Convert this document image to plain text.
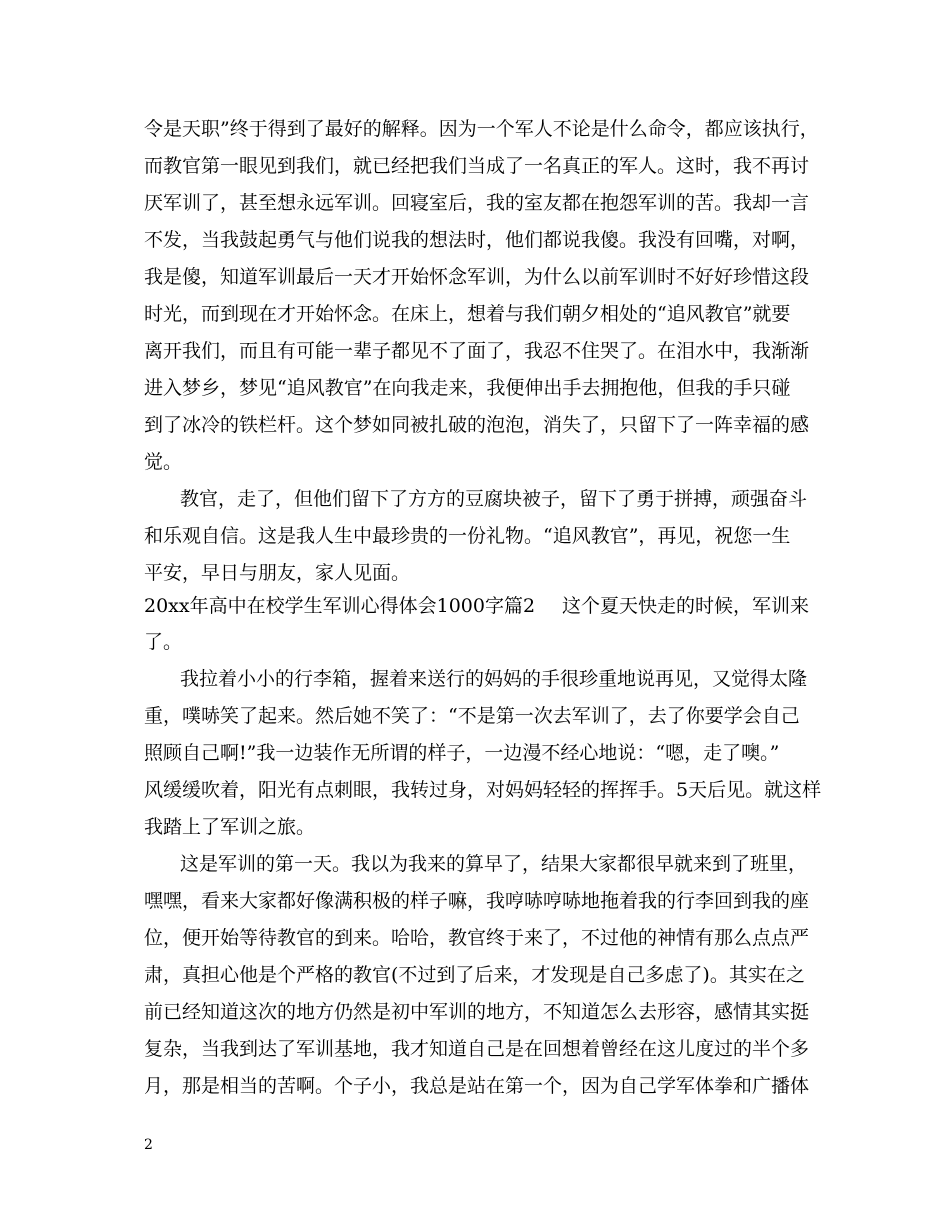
令是天职”终于得到了最好的解释。因为一个军人不论是什么命令，都应该执行，
而教官第一眼见到我们，就已经把我们当成了一名真正的军人。这时，我不再讨
厌军训了，甚至想永远军训。回寝室后，我的室友都在抱怨军训的苦。我却一言
不发，当我鼓起勇气与他们说我的想法时，他们都说我傻。我没有回嘴，对啊，
我是傻，知道军训最后一天才开始怀念军训，为什么以前军训时不好好珍惜这段
时光，而到现在才开始怀念。在床上，想着与我们朝夕相处的“追风教官”就要
离开我们，而且有可能一辈子都见不了面了，我忍不住哭了。在泪水中，我渐渐
进入梦乡，梦见“追风教官”在向我走来，我便伸出手去拥抱他，但我的手只碰
到了冰冷的铁栏杆。这个梦如同被扎破的泡泡，消失了，只留下了一阵幸福的感
觉。
教官，走了，但他们留下了方方的豆腐块被子，留下了勇于拼搏，顽强奋斗
和乐观自信。这是我人生中最珍贵的一份礼物。“追风教官”，再见，祝您一生
平安，早日与朋友，家人见面。
20xx年高中在校学生军训心得体会1000字篇2 这个夏天快走的时候，军训来
了。
我拉着小小的行李箱，握着来送行的妈妈的手很珍重地说再见，又觉得太隆
重，噗哧笑了起来。然后她不笑了：“不是第一次去军训了，去了你要学会自己
照顾自己啊!”我一边装作无所谓的样子，一边漫不经心地说：“嗯，走了噢。”
风缓缓吹着，阳光有点刺眼，我转过身，对妈妈轻轻的挥挥手。5天后见。就这样
我踏上了军训之旅。
这是军训的第一天。我以为我来的算早了，结果大家都很早就来到了班里，
嘿嘿，看来大家都好像满积极的样子嘛，我哼哧哼哧地拖着我的行李回到我的座
位，便开始等待教官的到来。哈哈，教官终于来了，不过他的神情有那么点点严
肃，真担心他是个严格的教官(不过到了后来，才发现是自己多虑了)。其实在之
前已经知道这次的地方仍然是初中军训的地方，不知道怎么去形容，感情其实挺
复杂，当我到达了军训基地，我才知道自己是在回想着曾经在这儿度过的半个多
月，那是相当的苦啊。个子小，我总是站在第一个，因为自己学军体拳和广播体
2
